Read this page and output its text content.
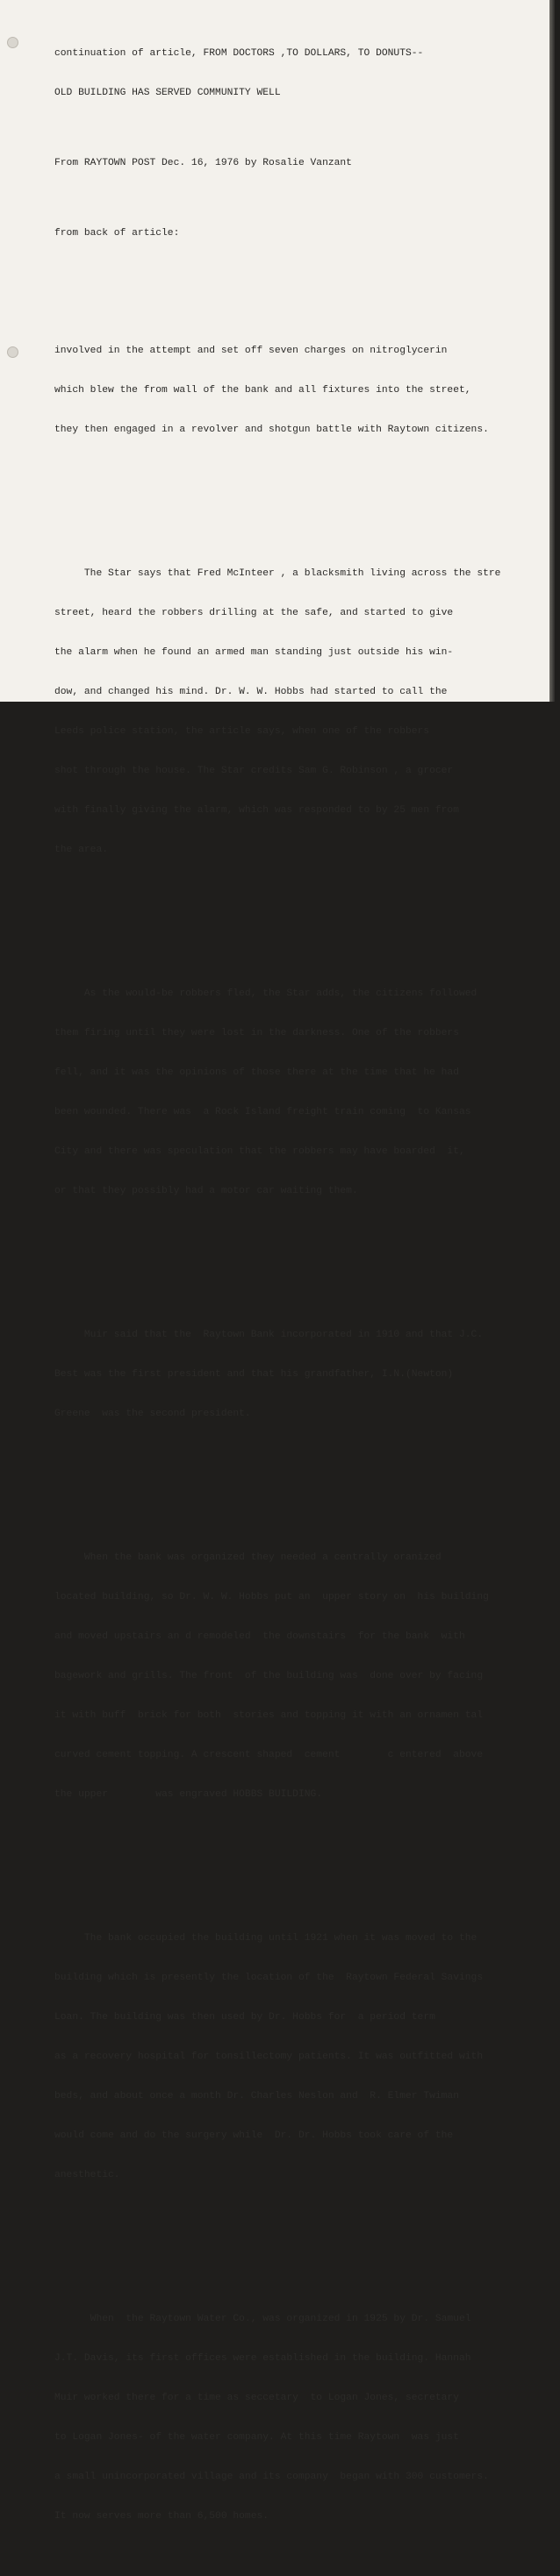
continuation of article, FROM DOCTORS ,TO DOLLARS, TO DONUTS--

OLD BUILDING HAS SERVED COMMUNITY WELL

From RAYTOWN POST Dec. 16, 1976 by Rosalie Vanzant

from back of article:

involved in the attempt and set off seven charges on nitroglycerin

which blew the from wall of the bank and all fixtures into the street,

they then engaged in a revolver and shotgun battle with Raytown citizens.

The Star says that Fred McInteer , a blacksmith living across the stre

street, heard the robbers drilling at the safe, and started to give

the alarm when he found an armed man standing just outside his win-

dow, and changed his mind. Dr. W. W. Hobbs had started to call the

Leeds police station, the article says, when one of the robbers

shot through the house. The Star credits Sam G. Robinson , a grocer

with finally giving the alarm, which was responded to by 25 men from

the area.

As the would-be robbers fled, the Star adds, the citizens followed

them firing until they were lost in the darkness. One of the robbers

fell, and it was the opinions of those there at the time that he had

been wounded. There was  a Rock Island freight train coming  to Kansas

City and there was speculation that the robbers may have boarded  it,

or that they possibly had a motor car waiting them.

Muir said that the  Raytown Bank incorporated in 1910 and that J.C.

Best was the first president and that his grandfather, I.N.(Newton)

Greene  was the second president.

When the bank was organized they needed a centrally oranized

located building, so Dr. W. W. Hobbs put an  upper story on  his building

and moved upstairs an d remodeled  the downstairs  for the bank  with

bagework and grills. The front  of the building was  done over by facing

it with buff  brick for both  stories and topping it with an ornamen tal

curved cement topping. A crescent shaped  cement        c entered  above

the upper        was engraved HOBBS BUILDING.

The bank occupied the building until 1921 when it was moved to the

building which is presently the location of the  Raytown Federal Savings

Loan. The building was then used by Dr. Hobbs for  a period term

as a recovery hospital for tonsillectomy patients. It was outfitted with

beds, and about once a month Dr. Charles Neslon and  R. Elmer Twiman

would come and do the surgery while  Dr. Dr. Hobbs took care of the

anesthetic.

When  the Raytown Water Co., was organized in 1925 by Dr. Samuel

J.T. Davis, its first offices were established in the building. Hannah

Muir worked there for a time as seccetary  to Logan Jones, secretary

to Logan Jones- of the water company. At this time Raytown  was just

a small unincorporated village and its company  began with 300 customers.

It now serves more than 6,500 homes.
